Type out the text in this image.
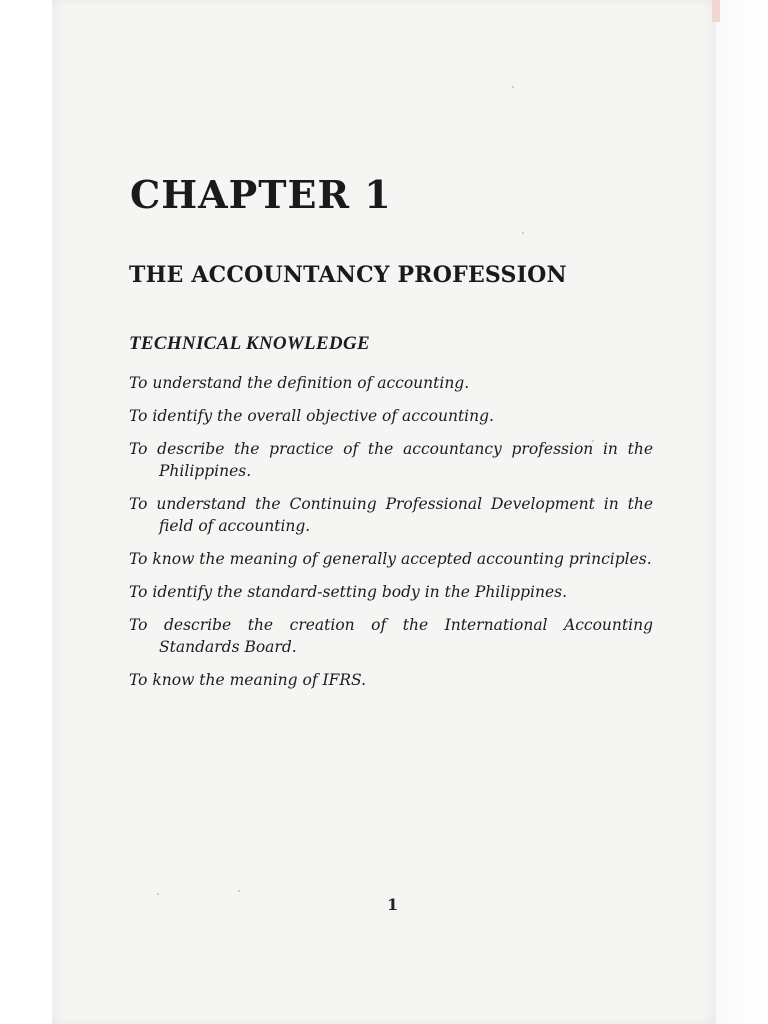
CHAPTER 1
THE ACCOUNTANCY PROFESSION
TECHNICAL KNOWLEDGE
To understand the definition of accounting.
To identify the overall objective of accounting.
To describe the practice of the accountancy profession in the Philippines.
To understand the Continuing Professional Development in the field of accounting.
To know the meaning of generally accepted accounting principles.
To identify the standard-setting body in the Philippines.
To describe the creation of the International Accounting Standards Board.
To know the meaning of IFRS.

1
